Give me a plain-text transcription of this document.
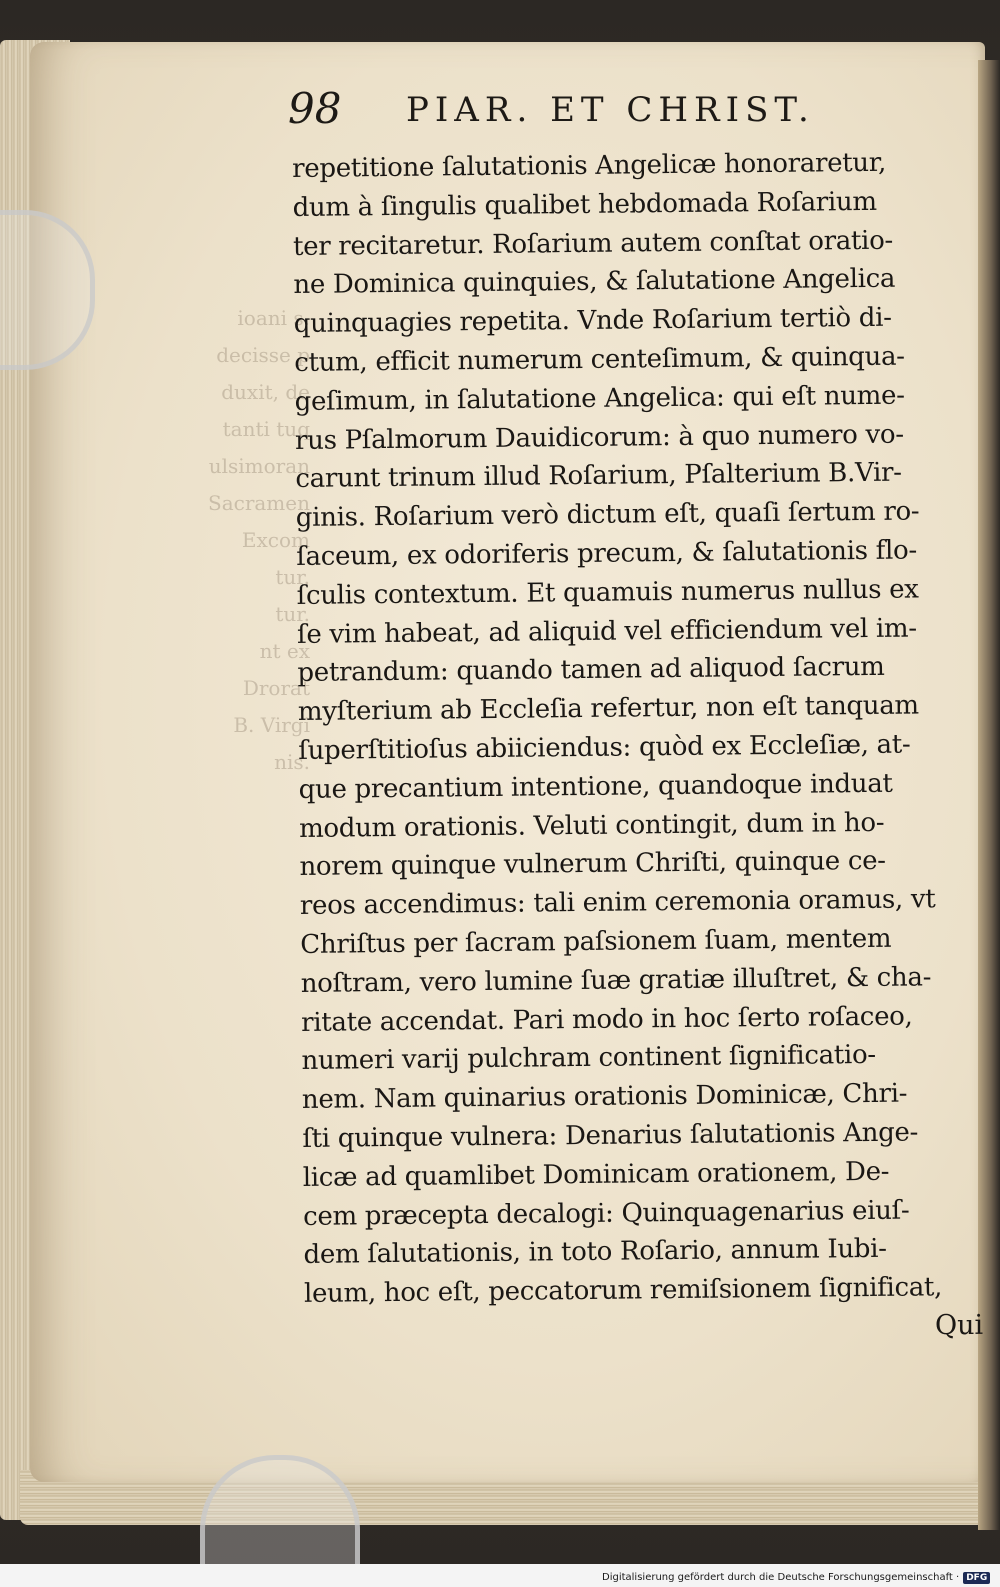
ioani s.
decisse p
duxit, de
tanti tuq
ulsimoran
Sacramen
Excom
tur.
tur.
nt ex
Drorat
B. Virgi
nis.
98 PIAR. ET CHRIST.
repetitione ſalutationis Angelicæ honoraretur,
dum à ſingulis qualibet hebdomada Roſarium
ter recitaretur. Roſarium autem conſtat oratio-
ne Dominica quinquies, & ſalutatione Angelica
quinquagies repetita. Vnde Roſarium tertiò di-
ctum, efficit numerum centeſimum, & quinqua-
geſimum, in ſalutatione Angelica: qui eſt nume-
rus Pſalmorum Dauidicorum: à quo numero vo-
carunt trinum illud Roſarium, Pſalterium B.Vir-
ginis. Roſarium verò dictum eſt, quaſi ſertum ro-
ſaceum, ex odoriferis precum, & ſalutationis flo-
ſculis contextum. Et quamuis numerus nullus ex
ſe vim habeat, ad aliquid vel efficiendum vel im-
petrandum: quando tamen ad aliquod ſacrum
myſterium ab Eccleſia refertur, non eſt tanquam
ſuperſtitioſus abiiciendus: quòd ex Eccleſiæ, at-
que precantium intentione, quandoque induat
modum orationis. Veluti contingit, dum in ho-
norem quinque vulnerum Chriſti, quinque ce-
reos accendimus: tali enim ceremonia oramus, vt
Chriſtus per ſacram paſsionem ſuam, mentem
noſtram, vero lumine ſuæ gratiæ illuſtret, & cha-
ritate accendat. Pari modo in hoc ſerto roſaceo,
numeri varij pulchram continent ſignificatio-
nem. Nam quinarius orationis Dominicæ, Chri-
ſti quinque vulnera: Denarius ſalutationis Ange-
licæ ad quamlibet Dominicam orationem, De-
cem præcepta decalogi: Quinquagenarius eiuſ-
dem ſalutationis, in toto Roſario, annum Iubi-
leum, hoc eſt, peccatorum remiſsionem ſignificat,
Qui
Digitalisierung gefördert durch die Deutsche Forschungsgemeinschaft · DFG
